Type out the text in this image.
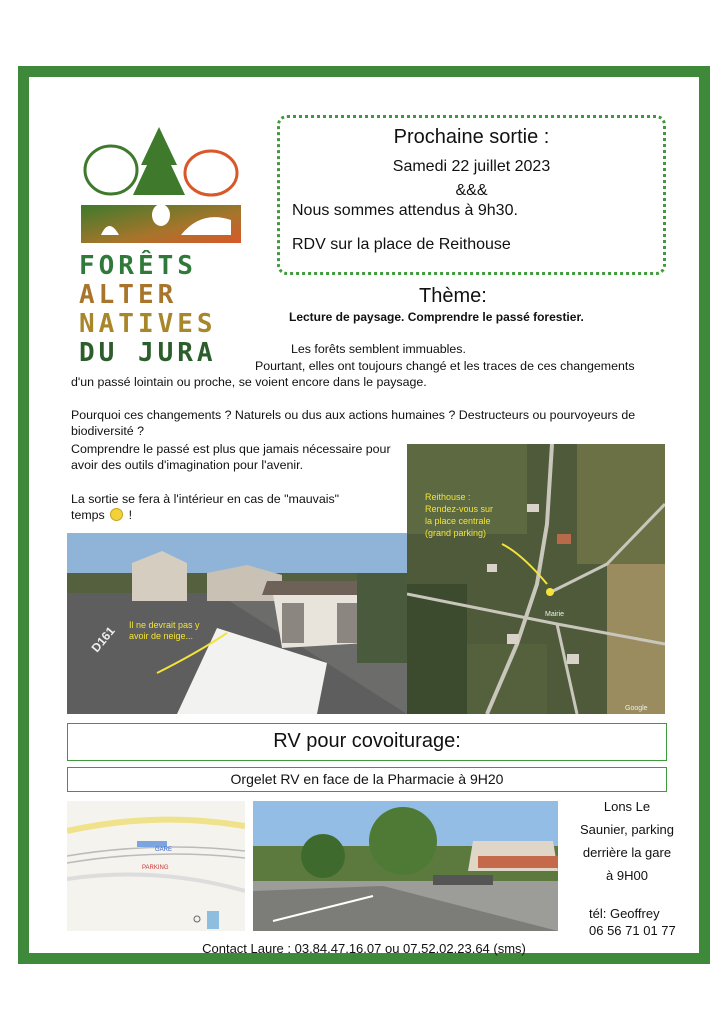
FORÊTS
ALTER
NATIVES
DU JURA
Prochaine sortie :
Samedi 22 juillet 2023
&&&
Nous sommes attendus à 9h30.
RDV sur la place de Reithouse
Thème:
Lecture de paysage. Comprendre le passé forestier.
Les forêts semblent immuables.
Pourtant, elles ont toujours changé et les traces de ces changements
d'un passé lointain ou proche, se voient encore dans le paysage.
Pourquoi ces changements ? Naturels ou dus aux actions humaines ? Destructeurs ou pourvoyeurs de biodiversité ?
Comprendre le passé est plus que jamais nécessaire pour avoir des outils d'imagination pour l'avenir.
La sortie se fera à l'intérieur en cas de "mauvais" temps !
Mairie
Google
Reithouse :
Rendez-vous sur
la place centrale
(grand parking)
D161 Il ne devrait pas y
avoir de neige...
RV pour covoiturage:
Orgelet RV en face de la Pharmacie à 9H20
GARE
PARKING
Lons Le
Saunier, parking
derrière la gare
à 9H00
tél: Geoffrey
06 56 71 01 77
Contact Laure : 03.84.47.16.07 ou 07.52.02.23.64 (sms)
